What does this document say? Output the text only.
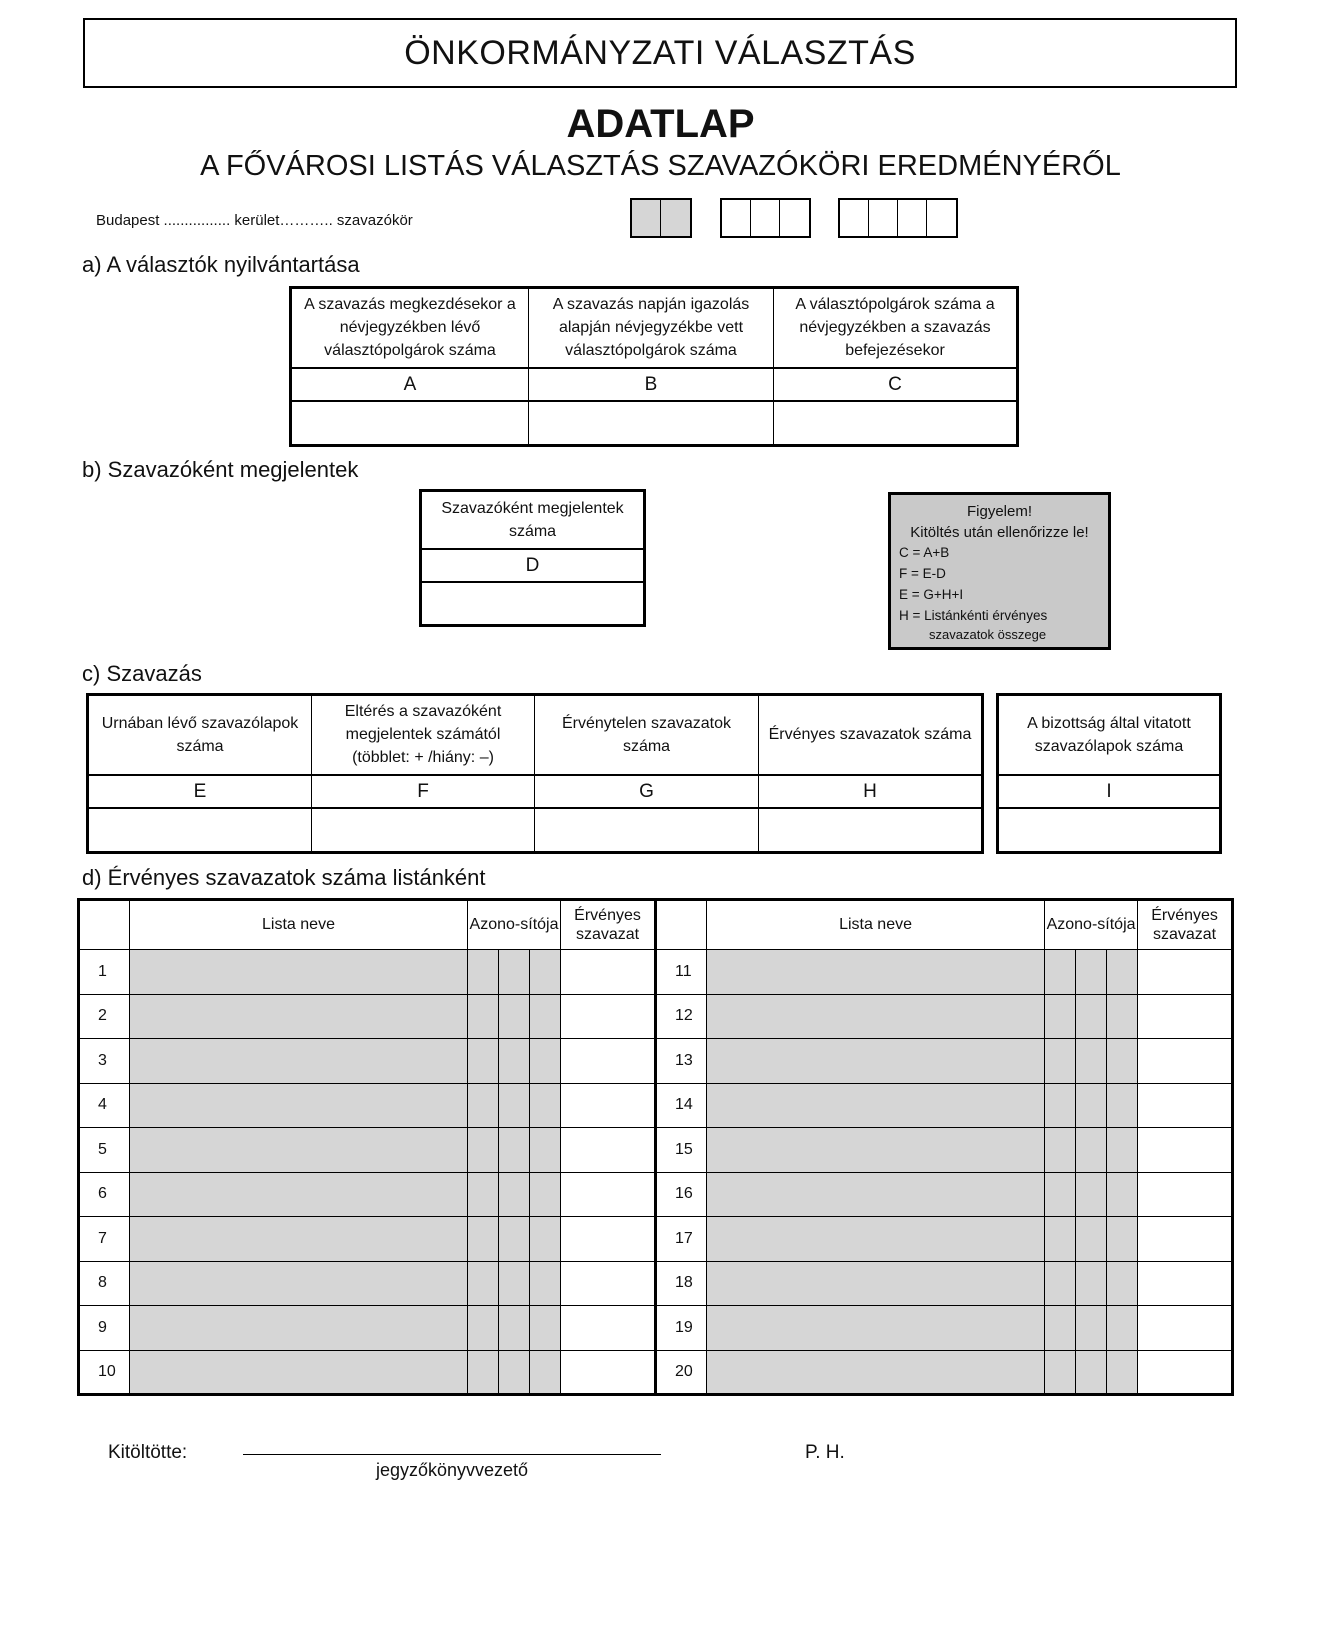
ÖNKORMÁNYZATI VÁLASZTÁS
ADATLAP
A FŐVÁROSI LISTÁS VÁLASZTÁS SZAVAZÓKÖRI EREDMÉNYÉRŐL
Budapest ................ kerület……….. szavazókör
a) A választók nyilvántartása
A szavazás megkezdésekor a névjegyzékben lévő választópolgárok száma	A szavazás napján igazolás alapján névjegyzékbe vett választópolgárok száma	A választópolgárok száma a névjegyzékben a szavazás befejezésekor
A	B	C

b) Szavazóként megjelentek
Szavazóként megjelentek száma
D

Figyelem!
Kitöltés után ellenőrizze le!
C = A+B
F = E-D
E = G+H+I
H = Listánkénti érvényes
szavazatok összege
c) Szavazás
Urnában lévő szavazólapok száma	Eltérés a szavazóként megjelentek számától (többlet: + /hiány: –)	Érvénytelen szavazatok száma	Érvényes szavazatok száma
E	F	G	H

A bizottság által vitatott szavazólapok száma
I

d) Érvényes szavazatok száma listánként
	Lista neve	Azono-sítója			Érvényes szavazat		Lista neve	Azono-sítója			Érvényes szavazat
1						11					
2						12					
3						13					
4						14					
5						15					
6						16					
7						17					
8						18					
9						19					
10						20					
Kitöltötte:
jegyzőkönyvvezető
P. H.
